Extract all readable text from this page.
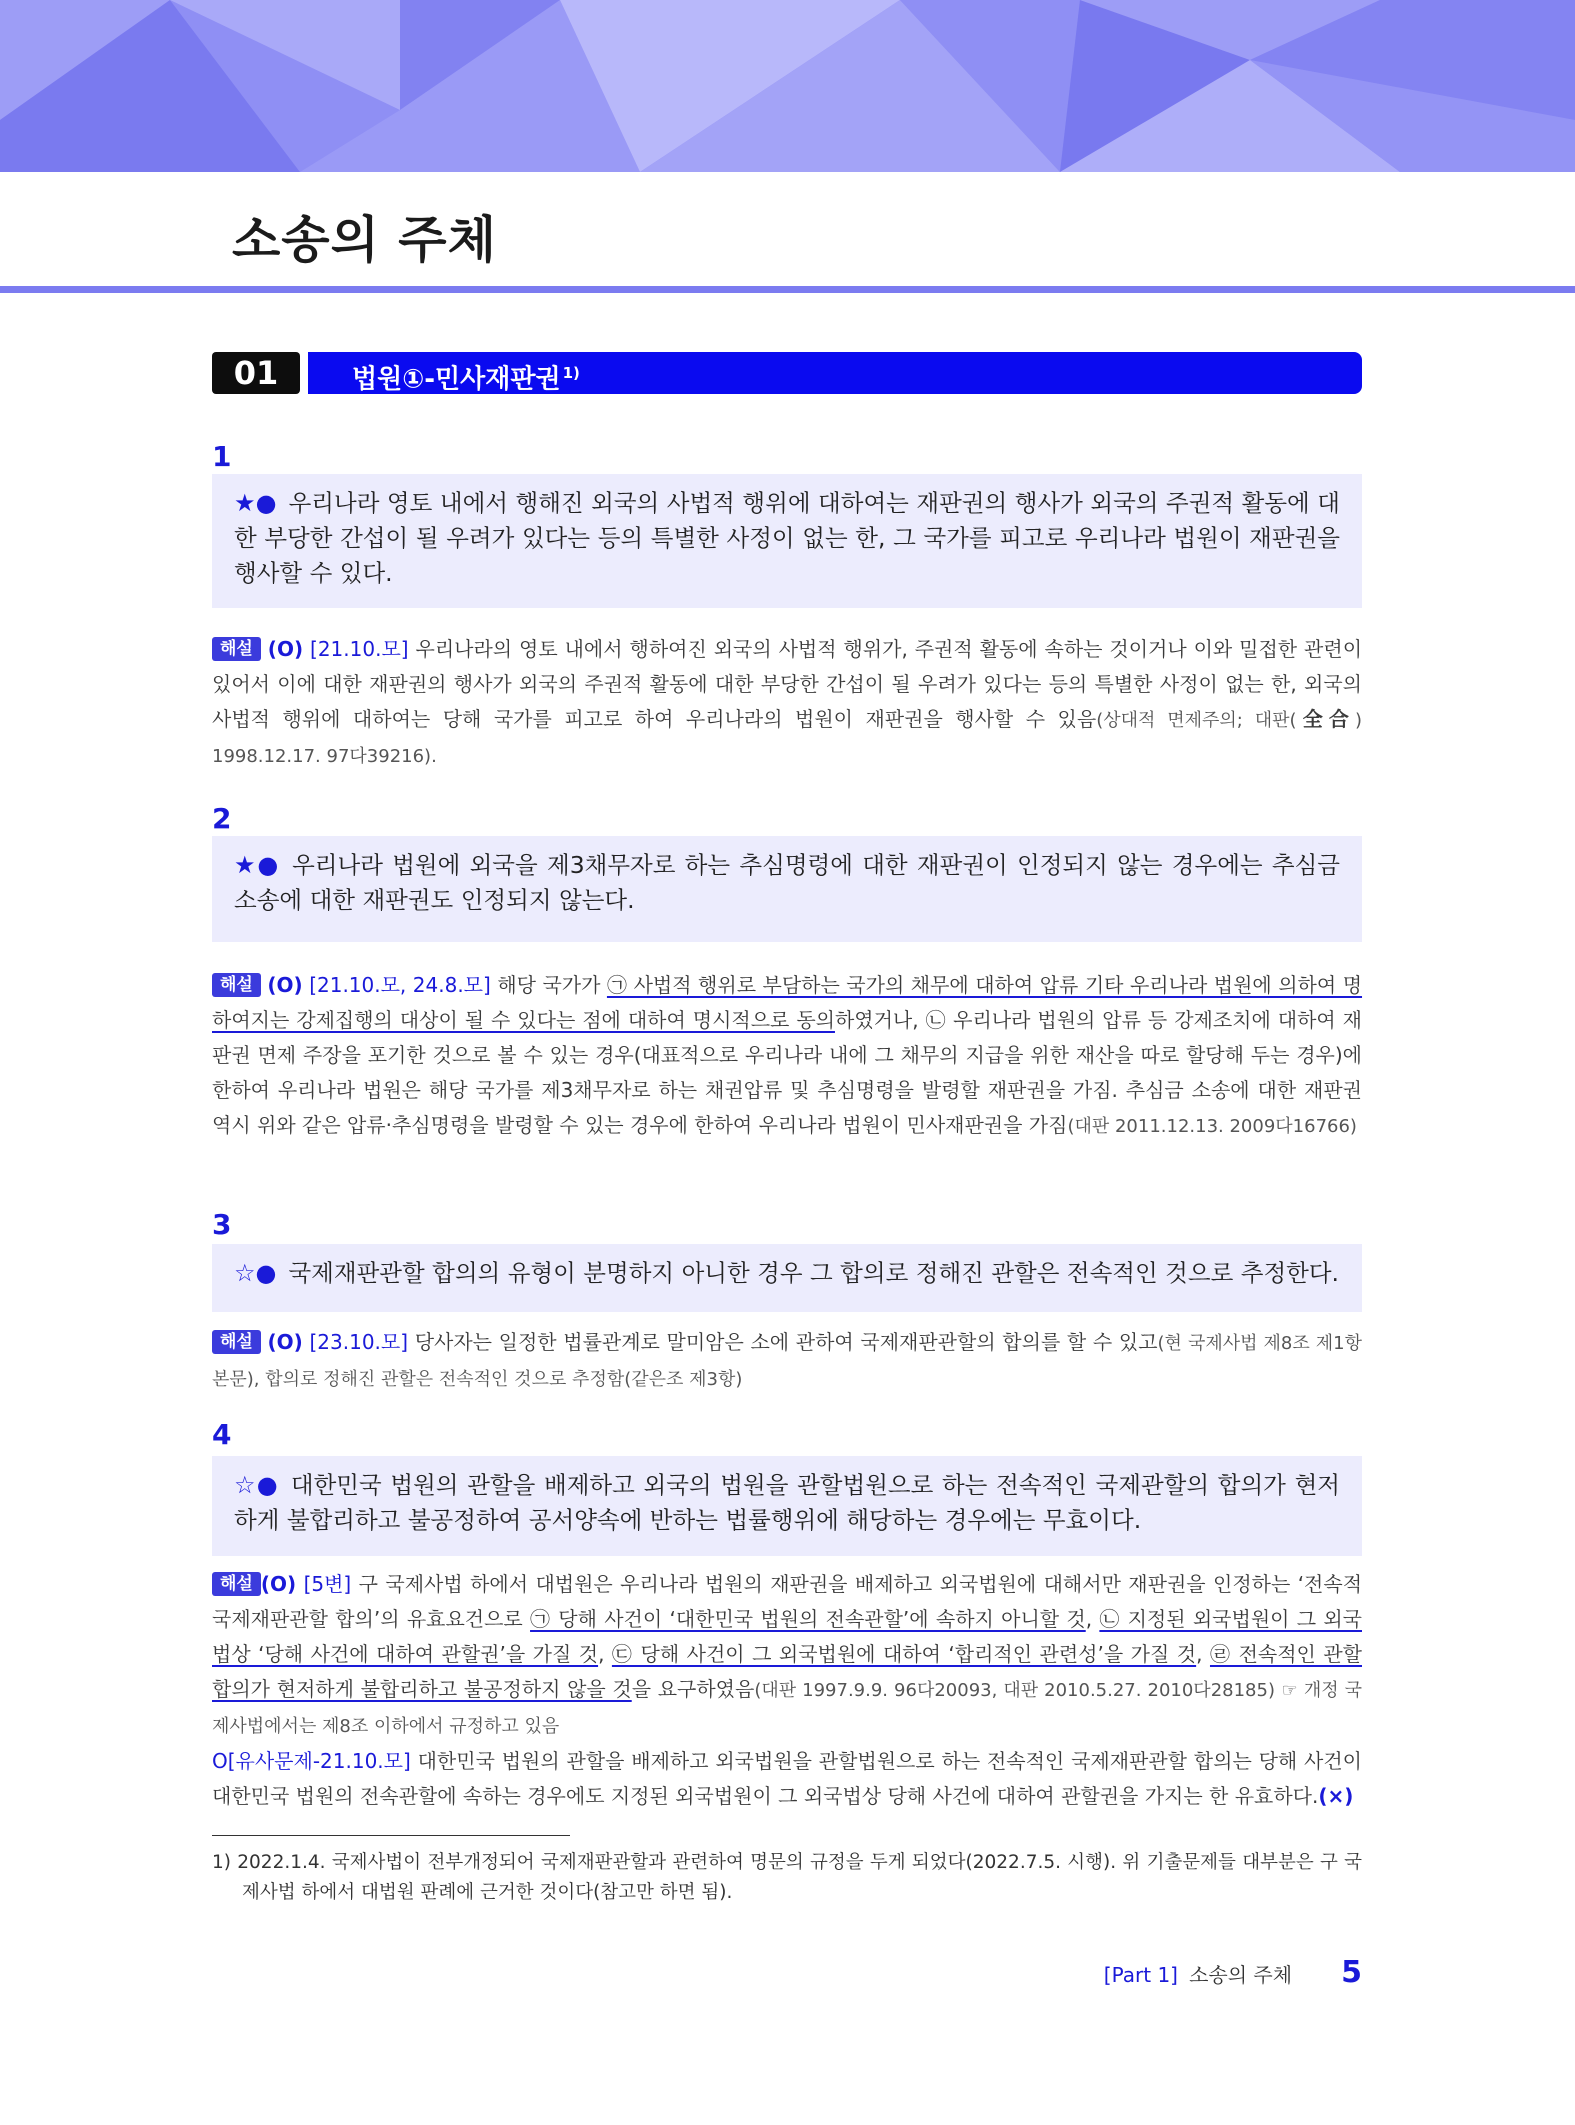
소송의 주체
01	법원①-민사재판권 $^{1)}$
1

★● 우리나라 영토 내에서 행해진 외국의 사법적 행위에 대하여는 재판권의 행사가 외국의 주권적 활동에 대한 부당한 간섭이 될 우려가 있다는 등의 특별한 사정이 없는 한, 그 국가를 피고로 우리나라 법원이 재판권을 행사할 수 있다.

해설 (O) [21.10.모] 우리나라의 영토 내에서 행하여진 외국의 사법적 행위가, 주권적 활동에 속하는 것이거나 이와 밀접한 관련이 있어서 이에 대한 재판권의 행사가 외국의 주권적 활동에 대한 부당한 간섭이 될 우려가 있다는 등의 특별한 사정이 없는 한, 외국의 사법적 행위에 대하여는 당해 국가를 피고로 하여 우리나라의 법원이 재판권을 행사할 수 있음(상대적 면제주의; 대판(全合) 1998.12.17. 97다39216).

2

★● 우리나라 법원에 외국을 제3채무자로 하는 추심명령에 대한 재판권이 인정되지 않는 경우에는 추심금 소송에 대한 재판권도 인정되지 않는다.

해설 (O) [21.10.모, 24.8.모] 해당 국가가 ㉠ 사법적 행위로 부담하는 국가의 채무에 대하여 압류 기타 우리나라 법원에 의하여 명하여지는 강제집행의 대상이 될 수 있다는 점에 대하여 명시적으로 동의하였거나, ㉡ 우리나라 법원의 압류 등 강제조치에 대하여 재판권 면제 주장을 포기한 것으로 볼 수 있는 경우(대표적으로 우리나라 내에 그 채무의 지급을 위한 재산을 따로 할당해 두는 경우)에 한하여 우리나라 법원은 해당 국가를 제3채무자로 하는 채권압류 및 추심명령을 발령할 재판권을 가짐. 추심금 소송에 대한 재판권 역시 위와 같은 압류·추심명령을 발령할 수 있는 경우에 한하여 우리나라 법원이 민사재판권을 가짐(대판 2011.12.13. 2009다16766)

3

☆● 국제재판관할 합의의 유형이 분명하지 아니한 경우 그 합의로 정해진 관할은 전속적인 것으로 추정한다.

해설 (O) [23.10.모] 당사자는 일정한 법률관계로 말미암은 소에 관하여 국제재판관할의 합의를 할 수 있고(현 국제사법 제8조 제1항 본문), 합의로 정해진 관할은 전속적인 것으로 추정함(같은조 제3항)

4

☆● 대한민국 법원의 관할을 배제하고 외국의 법원을 관할법원으로 하는 전속적인 국제관할의 합의가 현저하게 불합리하고 불공정하여 공서양속에 반하는 법률행위에 해당하는 경우에는 무효이다.

해설 (O) [5변] 구 국제사법 하에서 대법원은 우리나라 법원의 재판권을 배제하고 외국법원에 대해서만 재판권을 인정하는 ‘전속적 국제재판관할 합의’의 유효요건으로 ㉠ 당해 사건이 ‘대한민국 법원의 전속관할’에 속하지 아니할 것, ㉡ 지정된 외국법원이 그 외국법상 ‘당해 사건에 대하여 관할권’을 가질 것, ㉢ 당해 사건이 그 외국법원에 대하여 ‘합리적인 관련성’을 가질 것, ㉣ 전속적인 관할 합의가 현저하게 불합리하고 불공정하지 않을 것을 요구하였음(대판 1997.9.9. 96다20093, 대판 2010.5.27. 2010다28185) ☞ 개정 국제사법에서는 제8조 이하에서 규정하고 있음
O[유사문제-21.10.모] 대한민국 법원의 관할을 배제하고 외국법원을 관할법원으로 하는 전속적인 국제재판관할 합의는 당해 사건이 대한민국 법원의 전속관할에 속하는 경우에도 지정된 외국법원이 그 외국법상 당해 사건에 대하여 관할권을 가지는 한 유효하다.(×)

1) 2022.1.4. 국제사법이 전부개정되어 국제재판관할과 관련하여 명문의 규정을 두게 되었다(2022.7.5. 시행). 위 기출문제들 대부분은 구 국제사법 하에서 대법원 판례에 근거한 것이다(참고만 하면 됨).

[Part 1] 소송의 주체 5
